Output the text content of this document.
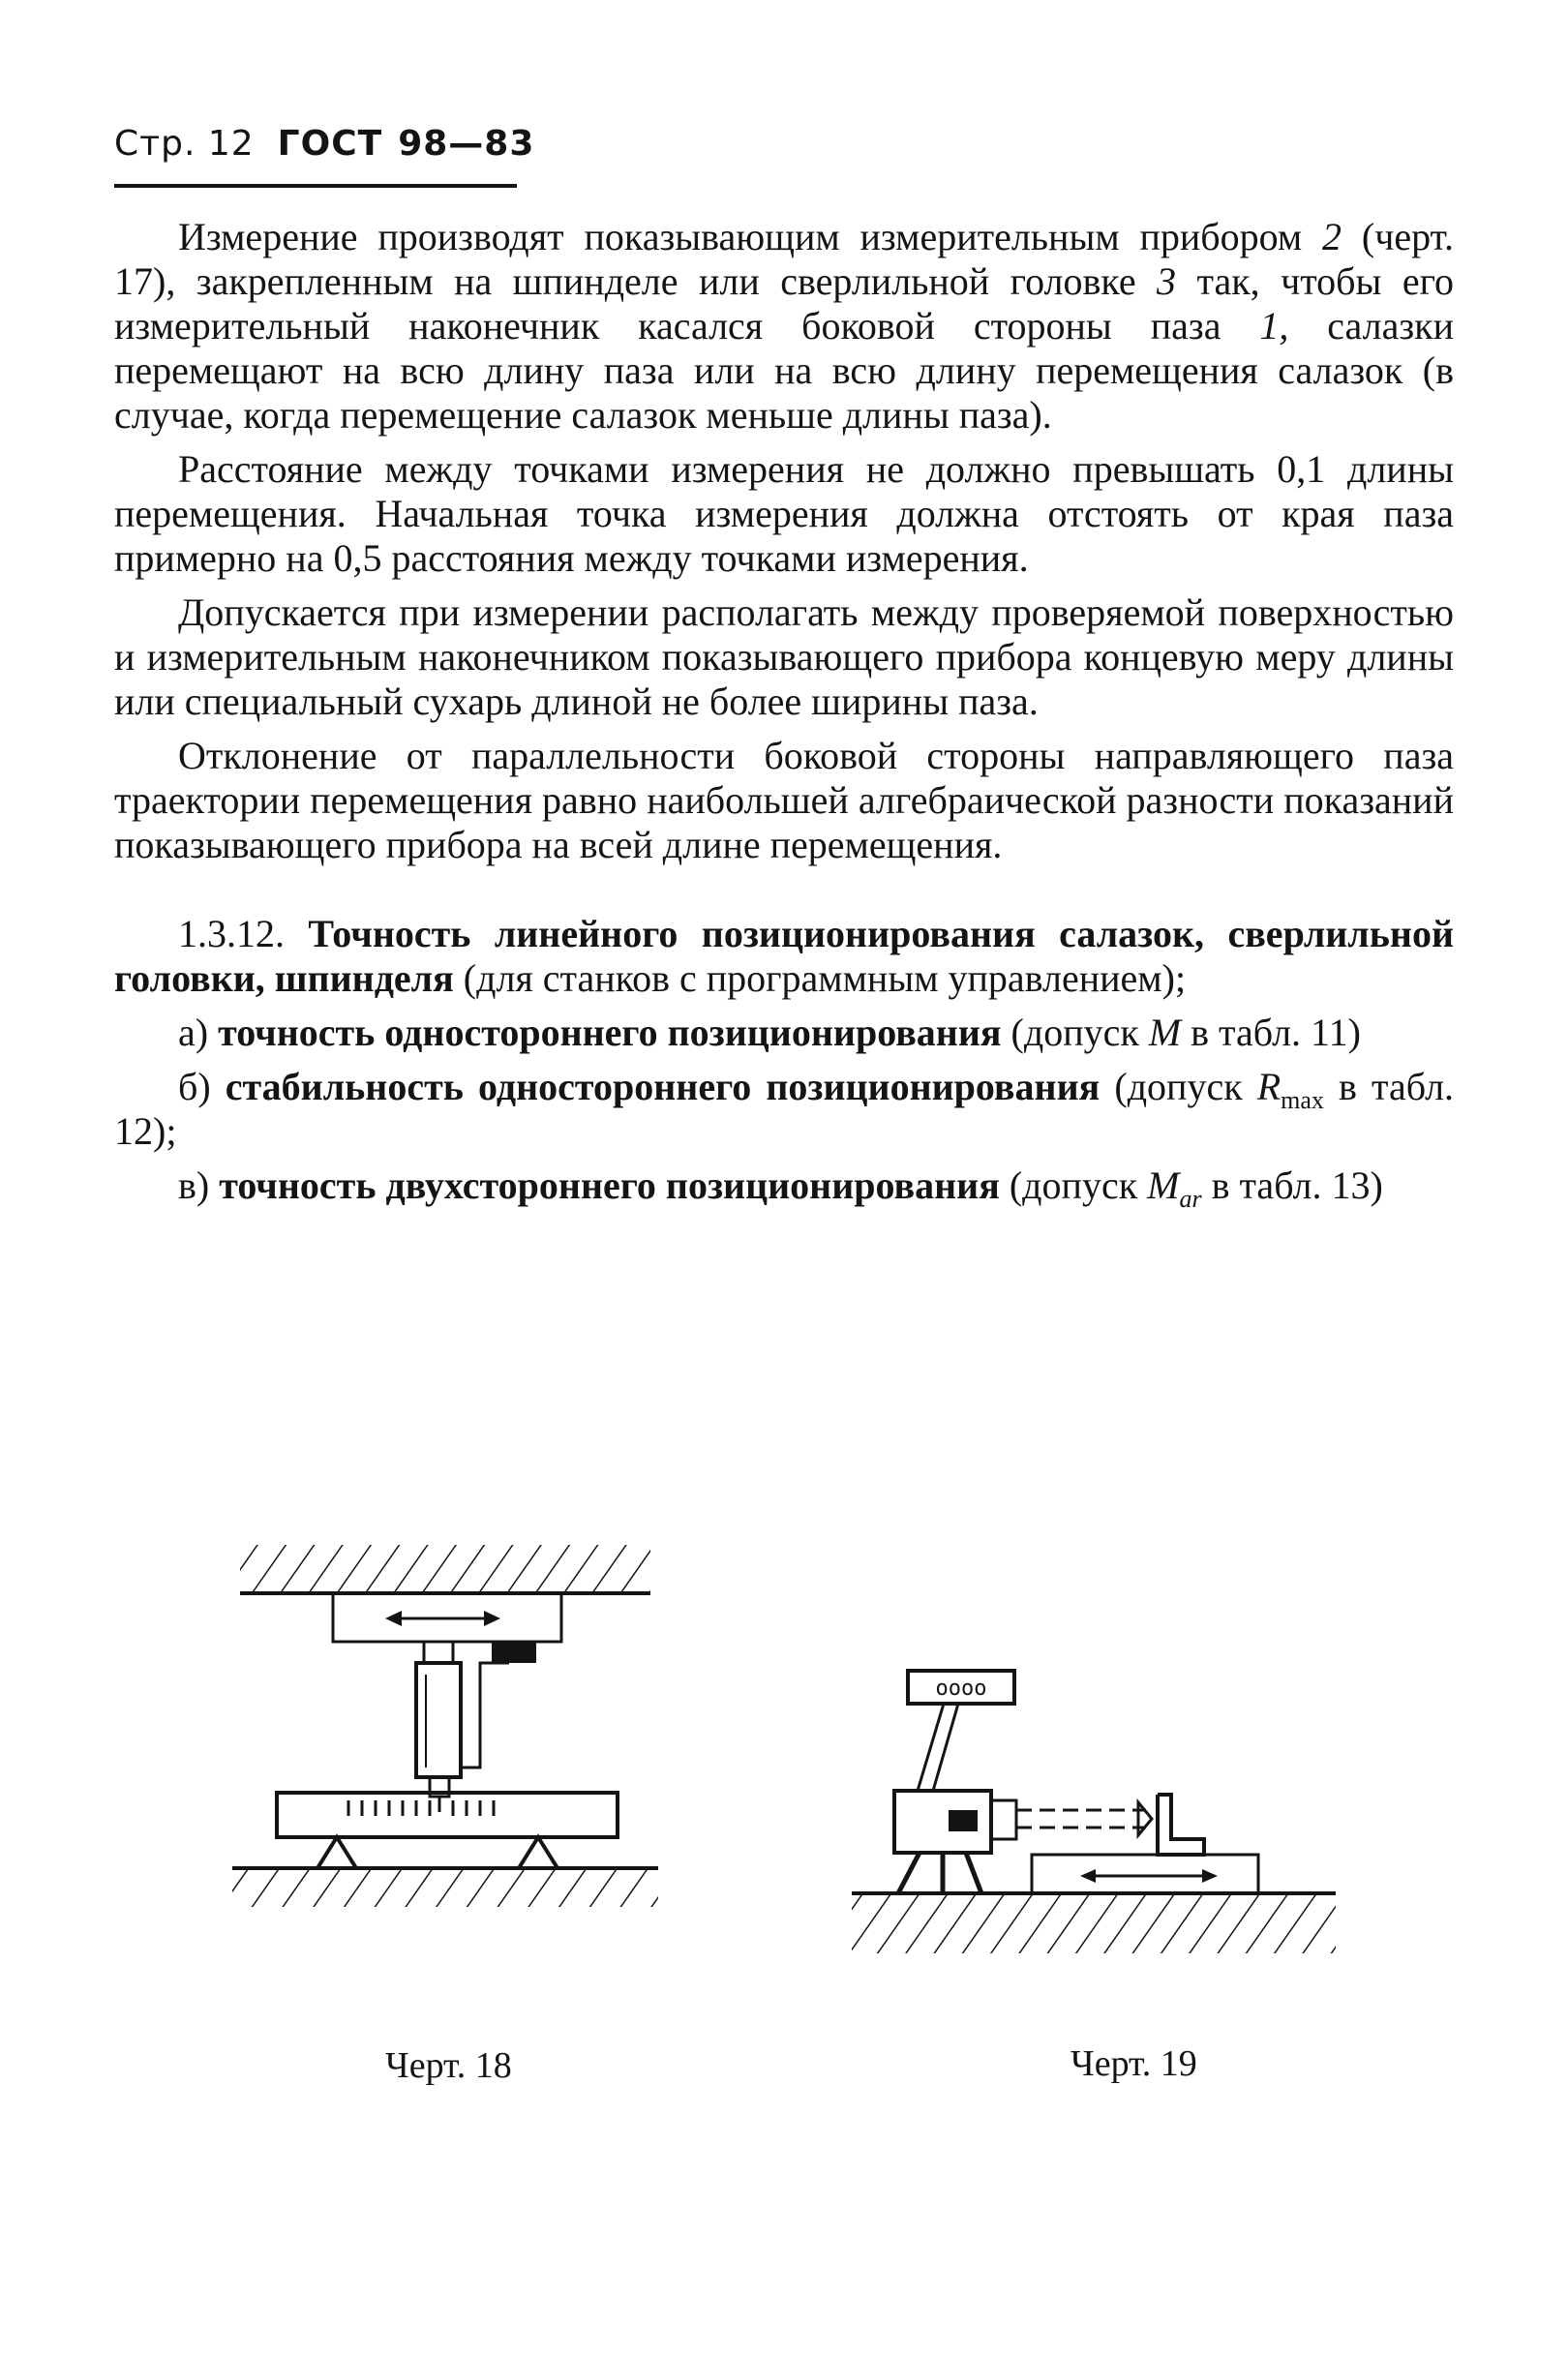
Стр. 12 ГОСТ 98—83

Измерение производят показывающим измерительным прибором 2 (черт. 17), закрепленным на шпинделе или сверлильной головке 3 так, чтобы его измерительный наконечник касался боковой стороны паза 1, салазки перемещают на всю длину паза или на всю длину перемещения салазок (в случае, когда перемещение салазок меньше длины паза).

Расстояние между точками измерения не должно превышать 0,1 длины перемещения. Начальная точка измерения должна отстоять от края паза примерно на 0,5 расстояния между точками измерения.

Допускается при измерении располагать между проверяемой поверхностью и измерительным наконечником показывающего прибора концевую меру длины или специальный сухарь длиной не более ширины паза.

Отклонение от параллельности боковой стороны направляющего паза траектории перемещения равно наибольшей алгебраической разности показаний показывающего прибора на всей длине перемещения.

1.3.12. Точность линейного позиционирования салазок, сверлильной головки, шпинделя (для станков с программным управлением);

а) точность одностороннего позиционирования (допуск M в табл. 11)

б) стабильность одностороннего позиционирования (допуск $R_{max}$ в табл. 12);

в) точность двухстороннего позиционирования (допуск $M_{ar}$ в табл. 13)

oooo
Черт. 18	Черт. 19
